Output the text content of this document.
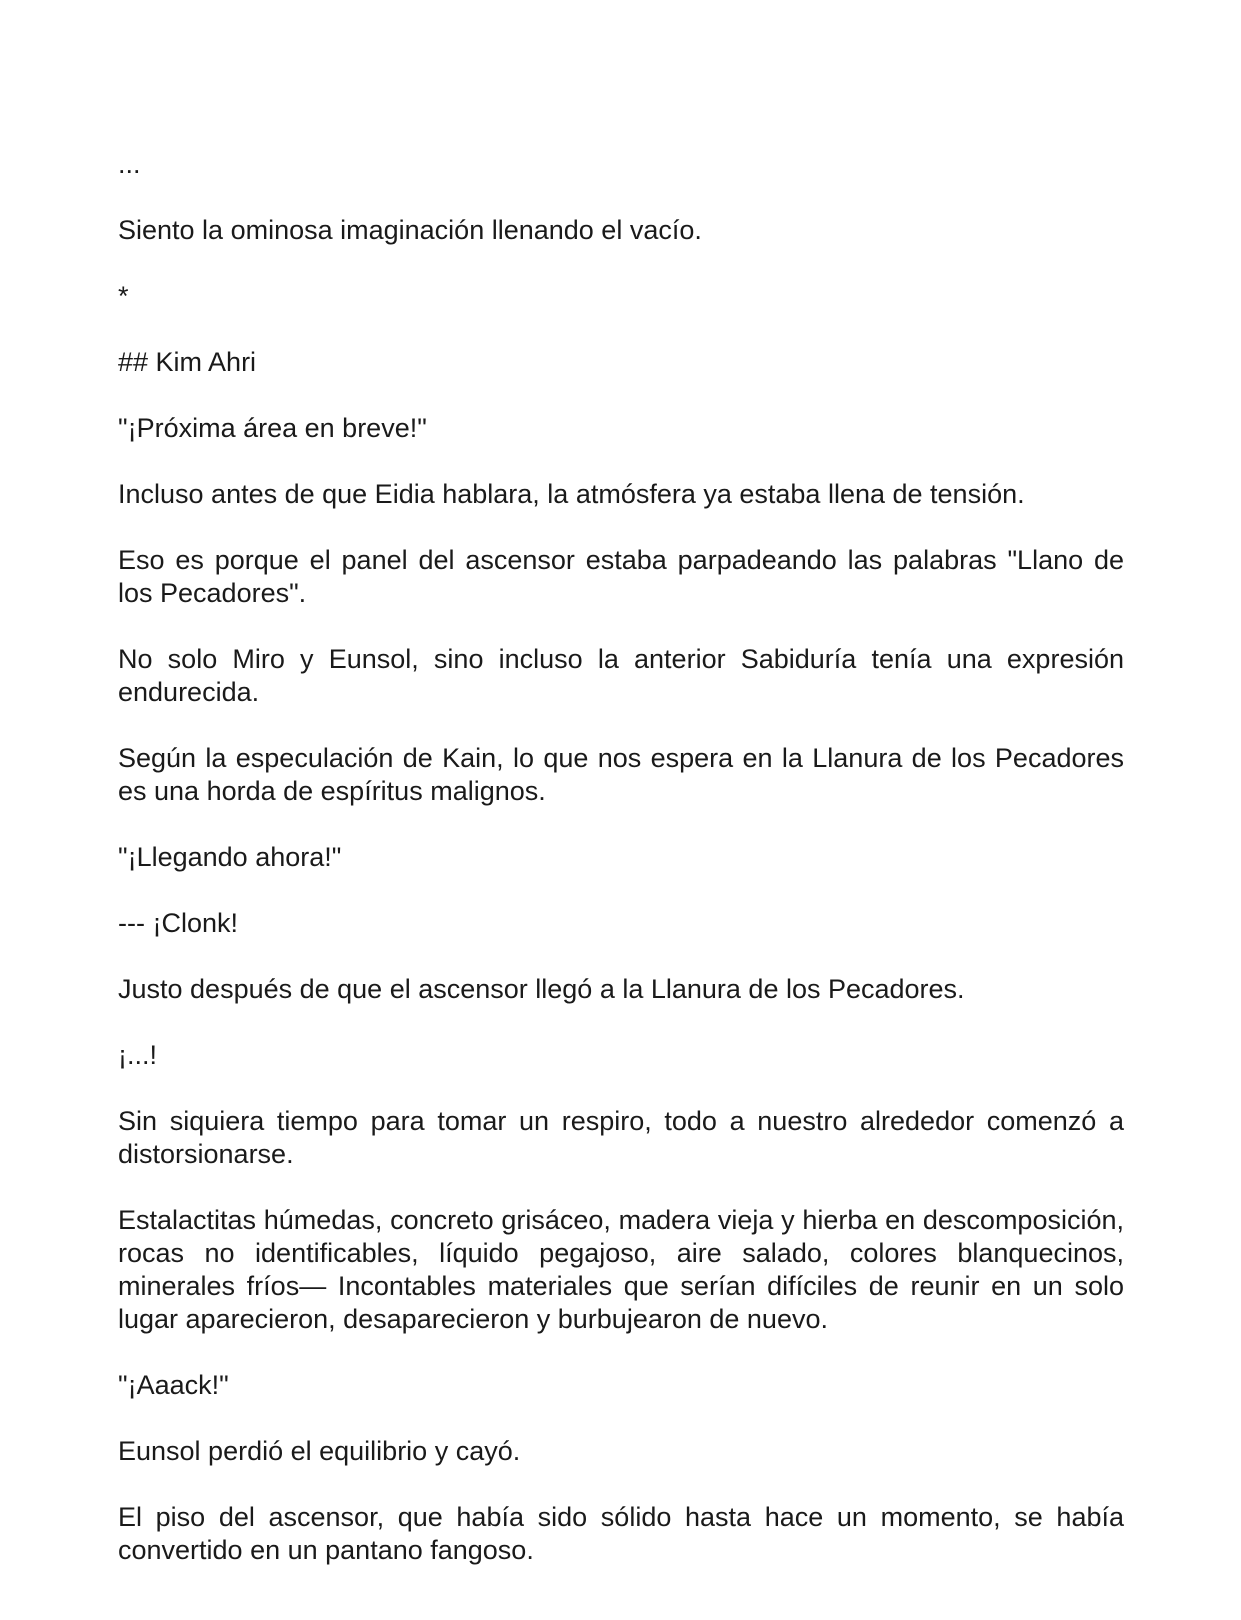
...

Siento la ominosa imaginación llenando el vacío.

*

## Kim Ahri

"¡Próxima área en breve!"

Incluso antes de que Eidia hablara, la atmósfera ya estaba llena de tensión.

Eso es porque el panel del ascensor estaba parpadeando las palabras "Llano de los Pecadores".

No solo Miro y Eunsol, sino incluso la anterior Sabiduría tenía una expresión endurecida.

Según la especulación de Kain, lo que nos espera en la Llanura de los Pecadores es una horda de espíritus malignos.

"¡Llegando ahora!"

--- ¡Clonk!

Justo después de que el ascensor llegó a la Llanura de los Pecadores.

¡...!

Sin siquiera tiempo para tomar un respiro, todo a nuestro alrededor comenzó a distorsionarse.

Estalactitas húmedas, concreto grisáceo, madera vieja y hierba en descomposición, rocas no identificables, líquido pegajoso, aire salado, colores blanquecinos, minerales fríos— Incontables materiales que serían difíciles de reunir en un solo lugar aparecieron, desaparecieron y burbujearon de nuevo.

"¡Aaack!"

Eunsol perdió el equilibrio y cayó.

El piso del ascensor, que había sido sólido hasta hace un momento, se había convertido en un pantano fangoso.
